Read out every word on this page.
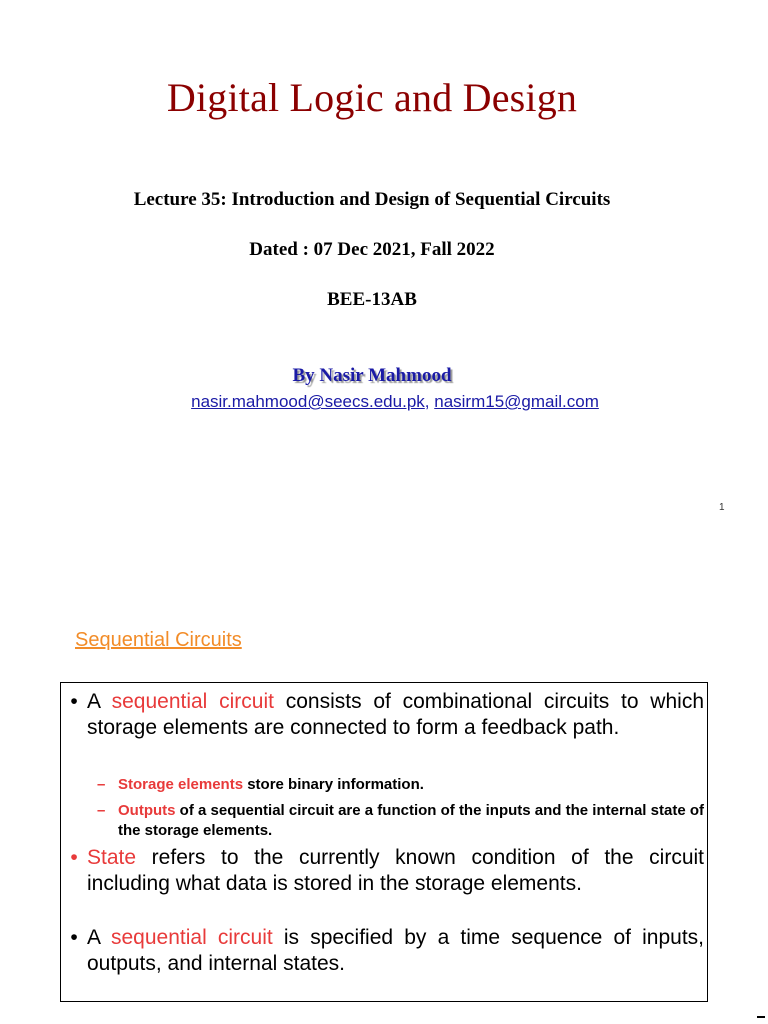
Digital Logic and Design

Lecture 35: Introduction and Design of Sequential Circuits

Dated : 07 Dec 2021, Fall 2022

BEE-13AB

By Nasir Mahmood
nasir.mahmood@seecs.edu.pk, nasirm15@gmail.com
1
Sequential Circuits
• A sequential circuit consists of combinational circuits to which storage elements are connected to form a feedback path.
– Storage elements store binary information.
– Outputs of a sequential circuit are a function of the inputs and the internal state of the storage elements.
• State refers to the currently known condition of the circuit including what data is stored in the storage elements.
• A sequential circuit is specified by a time sequence of inputs, outputs, and internal states.
